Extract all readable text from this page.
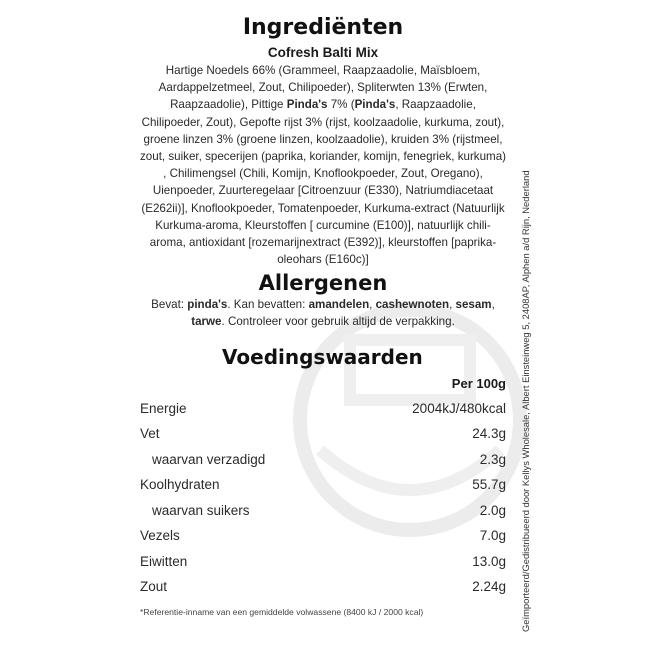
Ingrediënten
Cofresh Balti Mix
Hartige Noedels 66% (Grammeel, Raapzaadolie, Maïsbloem, Aardappelzetmeel, Zout, Chilipoeder), Spliterwten 13% (Erwten, Raapzaadolie), Pittige Pinda's 7% (Pinda's, Raapzaadolie, Chilipoeder, Zout), Gepofte rijst 3% (rijst, koolzaadolie, kurkuma, zout), groene linzen 3% (groene linzen, koolzaadolie), kruiden 3% (rijstmeel, zout, suiker, specerijen (paprika, koriander, komijn, fenegriek, kurkuma) , Chilimengsel (Chili, Komijn, Knoflookpoeder, Zout, Oregano), Uienpoeder, Zuurteregelaar [Citroenzuur (E330), Natriumdiacetaat (E262ii)], Knoflookpoeder, Tomatenpoeder, Kurkuma-extract (Natuurlijk Kurkuma-aroma, Kleurstoffen [ curcumine (E100)], natuurlijk chili-aroma, antioxidant [rozemarijnextract (E392)], kleurstoffen [paprika-oleohars (E160c)]
Allergenen
Bevat: pinda's. Kan bevatten: amandelen, cashewnoten, sesam, tarwe. Controleer voor gebruik altijd de verpakking.
Voedingswaarden
Per 100g
Energie	2004kJ/480kcal
Vet	24.3g
waarvan verzadigd	2.3g
Koolhydraten	55.7g
waarvan suikers	2.0g
Vezels	7.0g
Eiwitten	13.0g
Zout	2.24g
*Referentie-inname van een gemiddelde volwassene (8400 kJ / 2000 kcal)	Geïmporteerd/Gedistribueerd door Kellys Wholesale, Albert Einsteinweg 5, 2408AP, Alphen a/d Rijn, Nederland
